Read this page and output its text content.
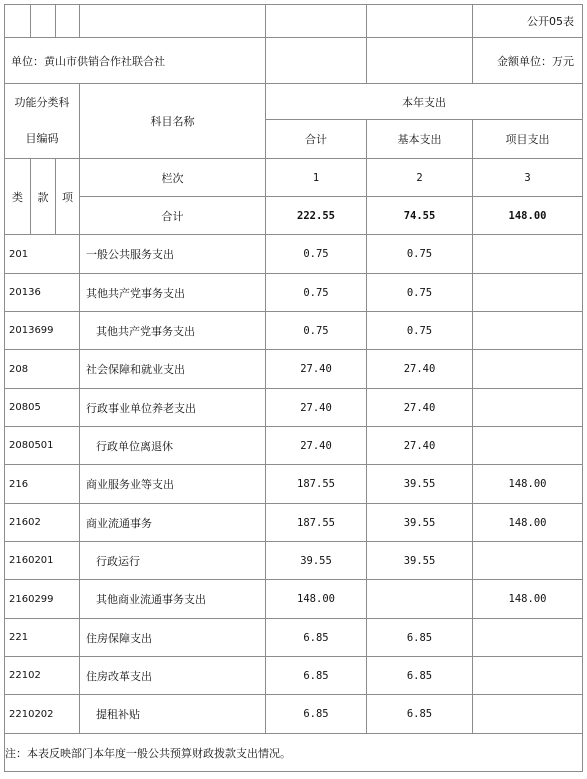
						公开05表
单位：黄山市供销合作社联合社						金额单位：万元

功能分类科
目编码			科目名称	本年支出		
				合计	基本支出	项目支出
类	款	项	栏次	1	2	3
			合计	222.55	74.55	148.00
201			一般公共服务支出	0.75	0.75	
20136			其他共产党事务支出	0.75	0.75	
2013699			其他共产党事务支出	0.75	0.75	
208			社会保障和就业支出	27.40	27.40	
20805			行政事业单位养老支出	27.40	27.40	
2080501			行政单位离退休	27.40	27.40	
216			商业服务业等支出	187.55	39.55	148.00
21602			商业流通事务	187.55	39.55	148.00
2160201			行政运行	39.55	39.55	
2160299			其他商业流通事务支出	148.00		148.00
221			住房保障支出	6.85	6.85	
22102			住房改革支出	6.85	6.85	
2210202			提租补贴	6.85	6.85	
注：本表反映部门本年度一般公共预算财政拨款支出情况。						
